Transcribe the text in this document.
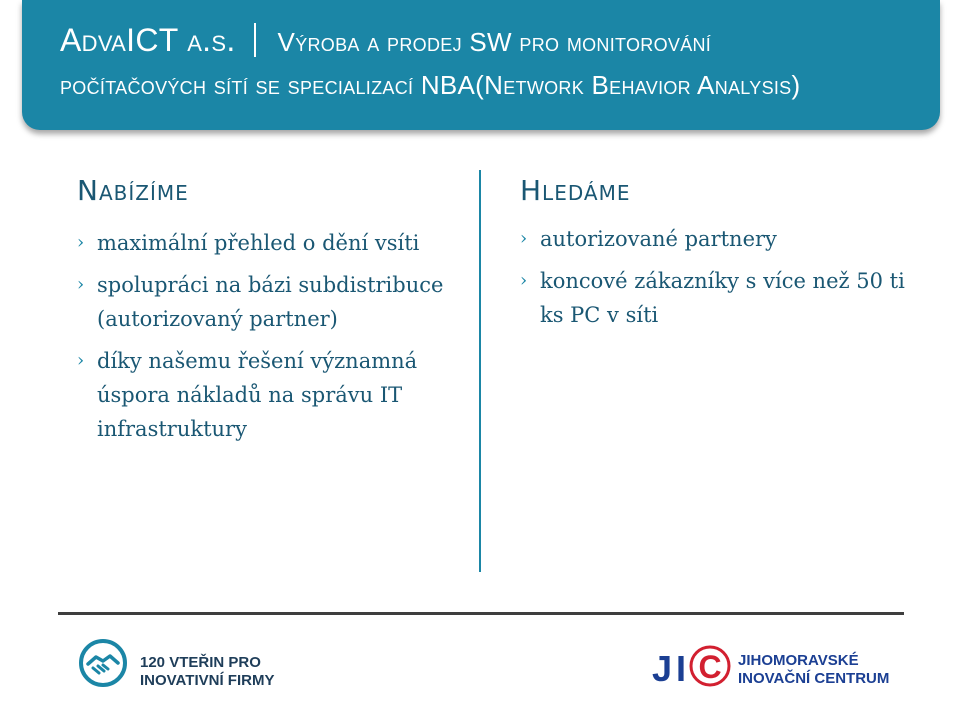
AdvaICT a.s. Výroba a prodej SW pro monitorování
počítačových sítí se specializací NBA(Network Behavior Analysis)
Nabízíme
› maximální přehled o dění vsíti
› spolupráci na bázi subdistribuce (autorizovaný partner)
› díky našemu řešení významná úspora nákladů na správu IT infrastruktury
Hledáme
› autorizované partnery
› koncové zákazníky s více než 50 ti ks PC v síti
120 VTEŘIN PRO
INOVATIVNÍ FIRMY	J I C JIHOMORAVSKÉ
INOVAČNÍ CENTRUM
